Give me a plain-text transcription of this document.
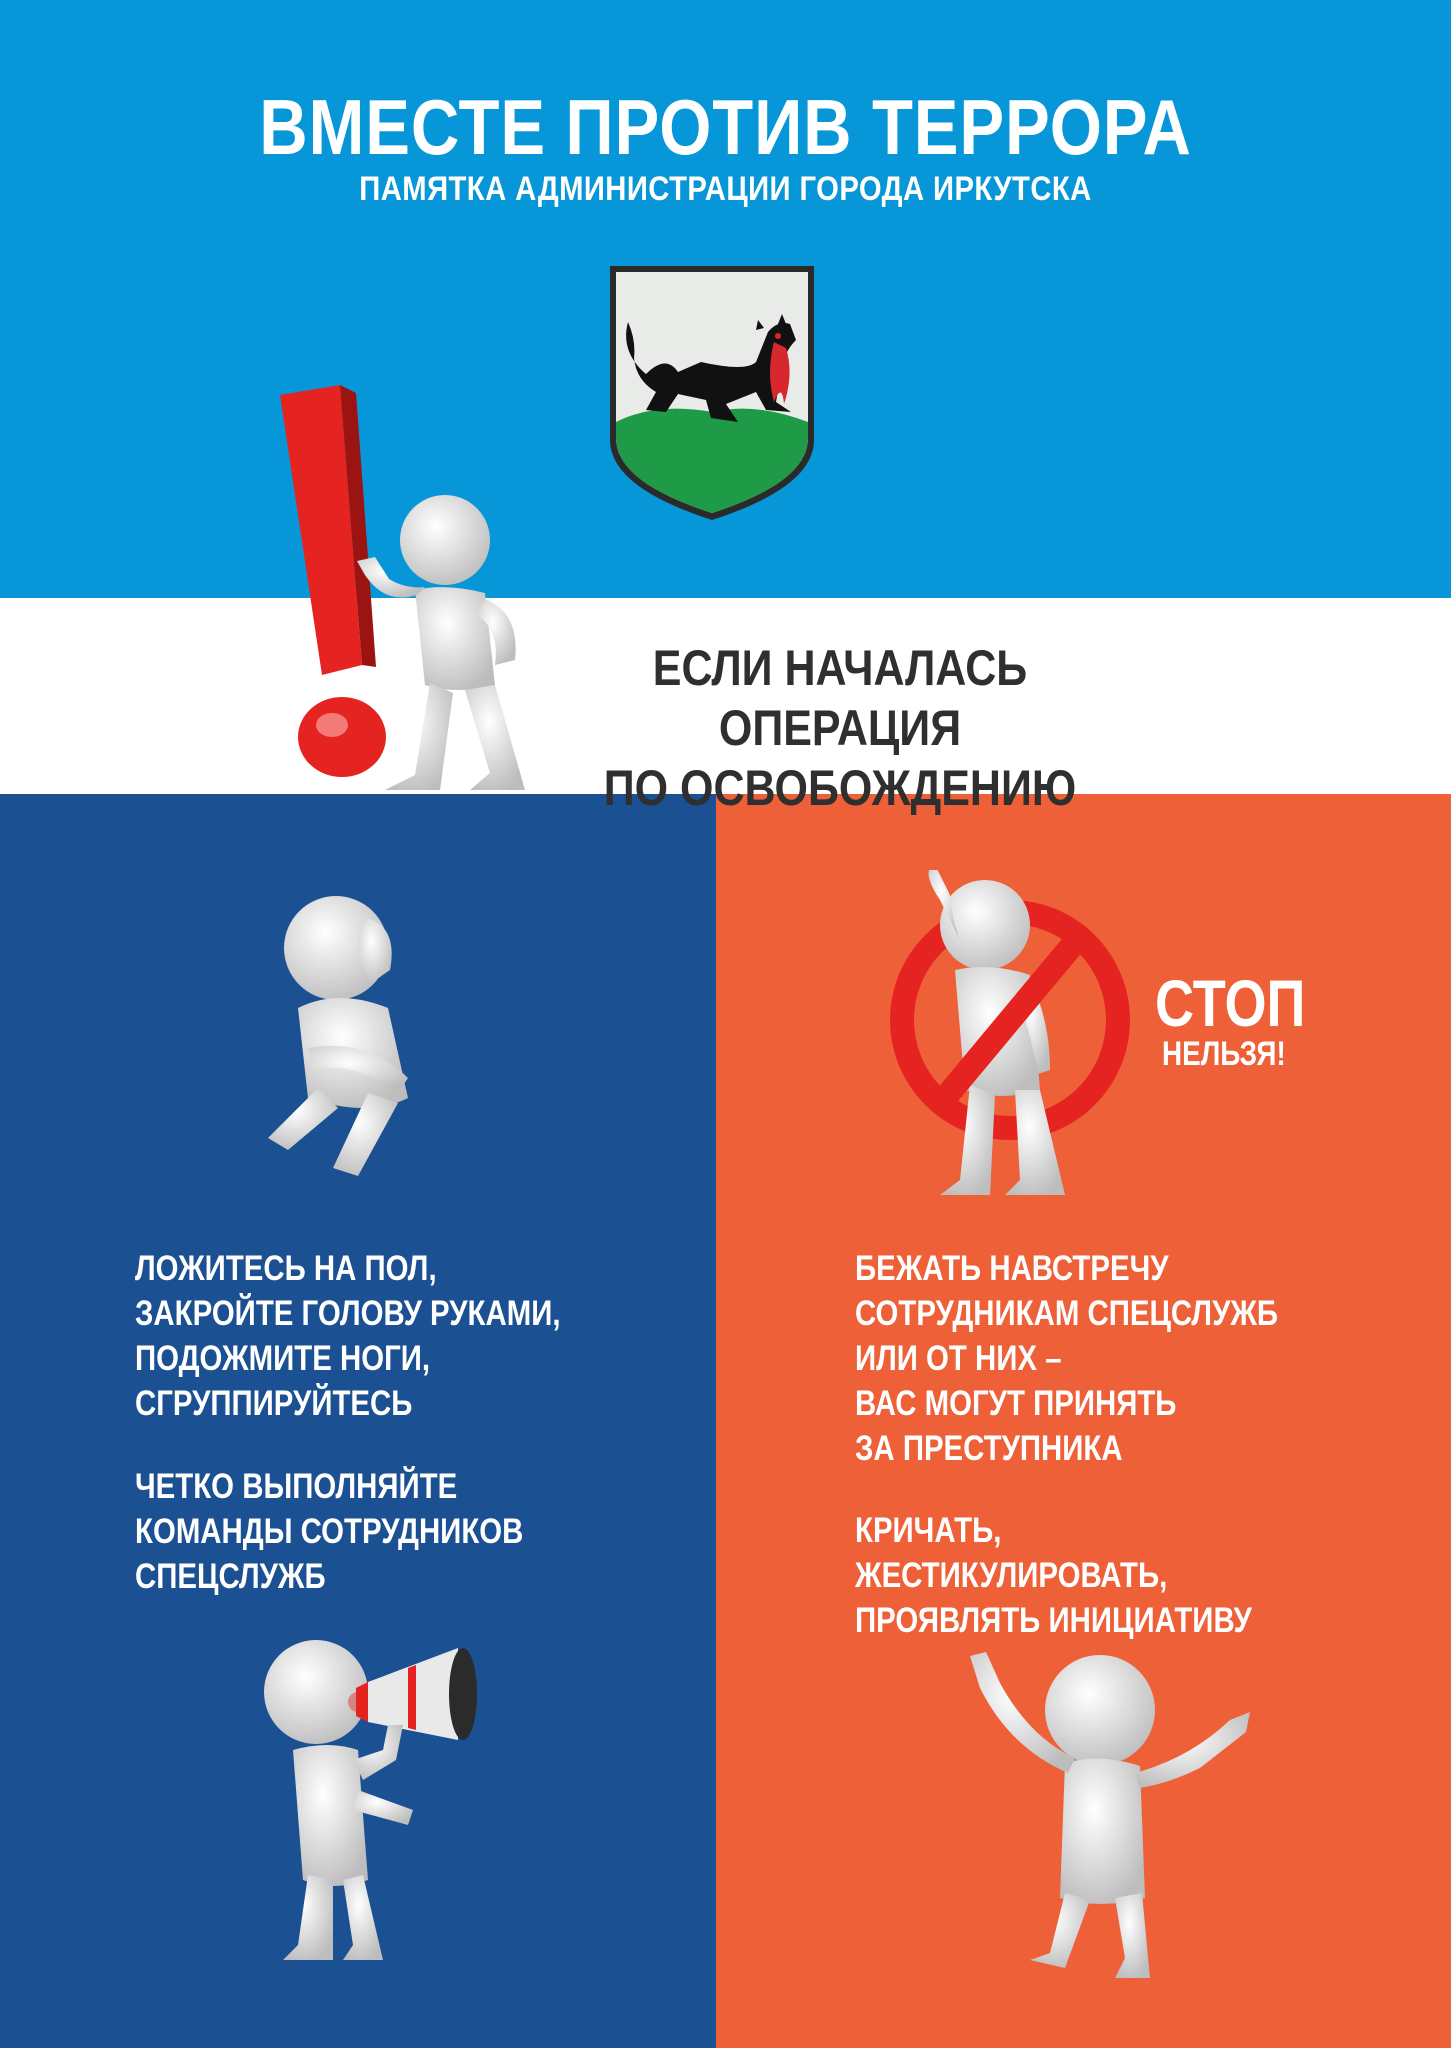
ВМЕСТЕ ПРОТИВ ТЕРРОРА
ПАМЯТКА АДМИНИСТРАЦИИ ГОРОДА ИРКУТСКА
ЕСЛИ НАЧАЛАСЬ ОПЕРАЦИЯ
ПО ОСВОБОЖДЕНИЮ
СТОП
НЕЛЬЗЯ!
ЛОЖИТЕСЬ НА ПОЛ,
ЗАКРОЙТЕ ГОЛОВУ РУКАМИ,
ПОДОЖМИТЕ НОГИ,
СГРУППИРУЙТЕСЬ
ЧЕТКО ВЫПОЛНЯЙТЕ
КОМАНДЫ СОТРУДНИКОВ
СПЕЦСЛУЖБ
БЕЖАТЬ НАВСТРЕЧУ
СОТРУДНИКАМ СПЕЦСЛУЖБ
ИЛИ ОТ НИХ –
ВАС МОГУТ ПРИНЯТЬ
ЗА ПРЕСТУПНИКА
КРИЧАТЬ,
ЖЕСТИКУЛИРОВАТЬ,
ПРОЯВЛЯТЬ ИНИЦИАТИВУ
